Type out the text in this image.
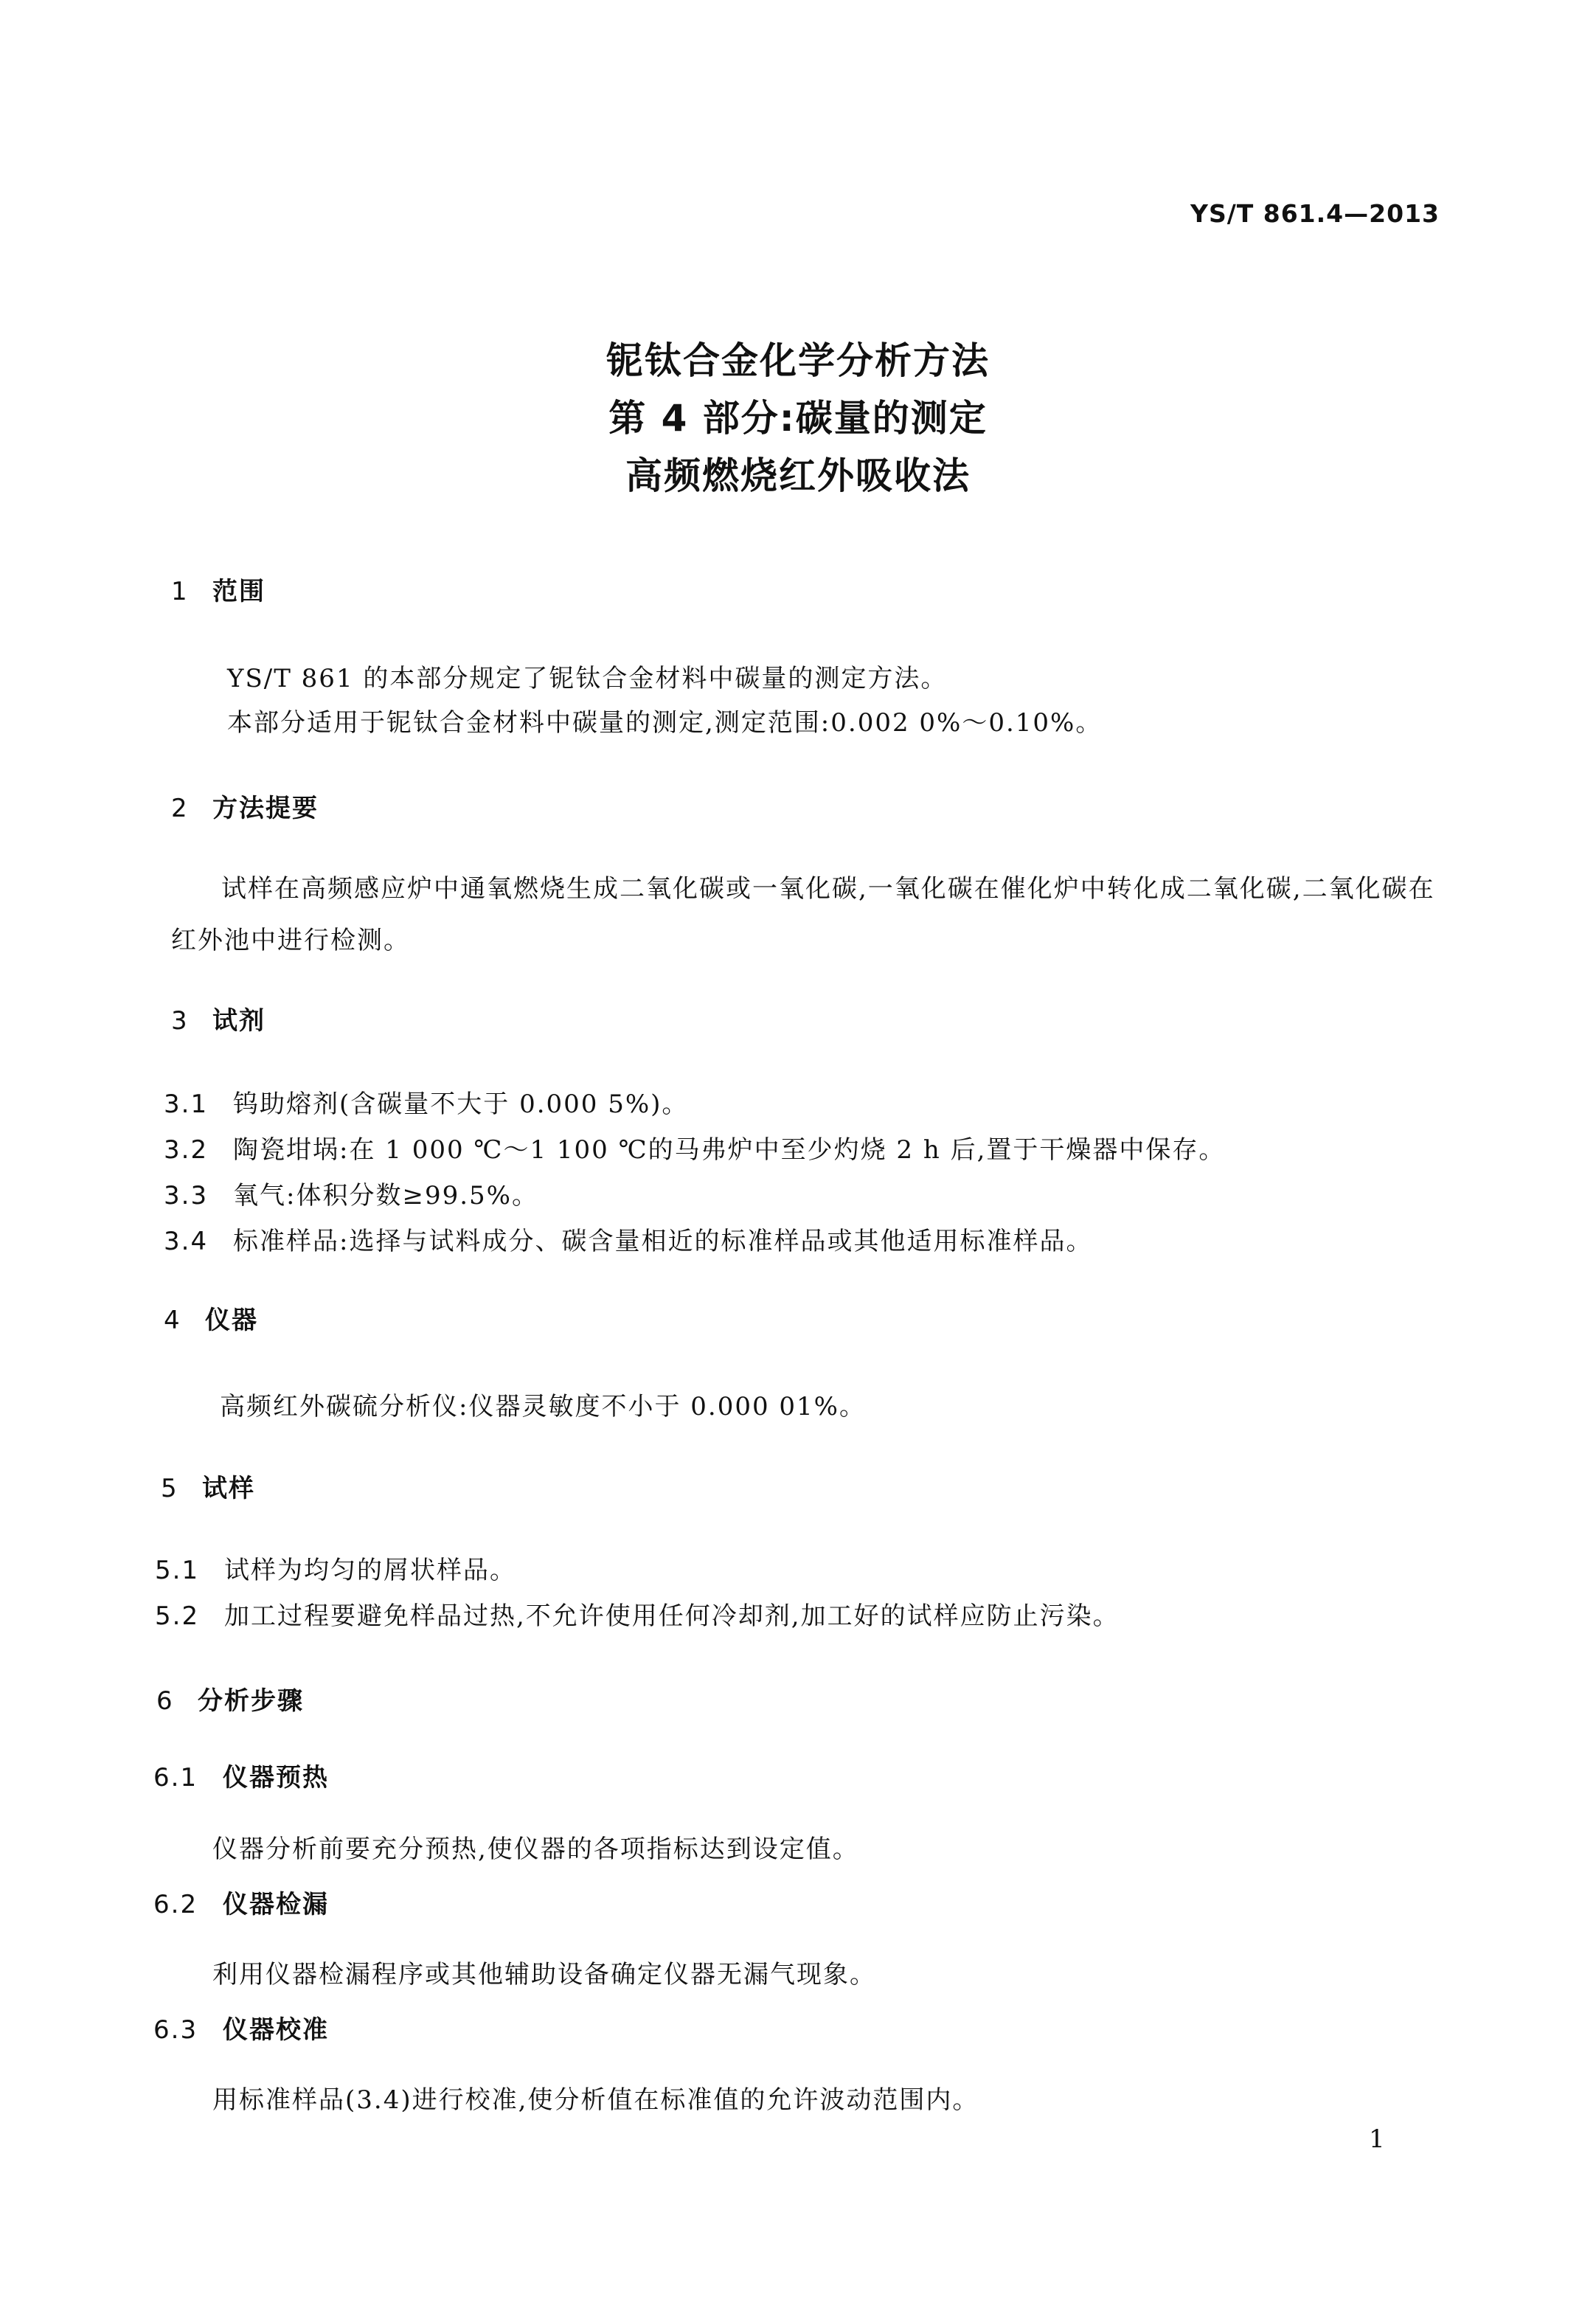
YS/T 861.4—2013
铌钛合金化学分析方法
第 4 部分:碳量的测定
高频燃烧红外吸收法
1 范围
YS/T 861 的本部分规定了铌钛合金材料中碳量的测定方法。
本部分适用于铌钛合金材料中碳量的测定,测定范围:0.002 0%～0.10%。
2 方法提要
试样在高频感应炉中通氧燃烧生成二氧化碳或一氧化碳,一氧化碳在催化炉中转化成二氧化碳,二氧化碳在红外池中进行检测。
3 试剂
3.1 钨助熔剂(含碳量不大于 0.000 5%)。
3.2 陶瓷坩埚:在 1 000 ℃～1 100 ℃的马弗炉中至少灼烧 2 h 后,置于干燥器中保存。
3.3 氧气:体积分数≥99.5%。
3.4 标准样品:选择与试料成分、碳含量相近的标准样品或其他适用标准样品。
4 仪器
高频红外碳硫分析仪:仪器灵敏度不小于 0.000 01%。
5 试样
5.1 试样为均匀的屑状样品。
5.2 加工过程要避免样品过热,不允许使用任何冷却剂,加工好的试样应防止污染。
6 分析步骤
6.1 仪器预热
仪器分析前要充分预热,使仪器的各项指标达到设定值。
6.2 仪器检漏
利用仪器检漏程序或其他辅助设备确定仪器无漏气现象。
6.3 仪器校准
用标准样品(3.4)进行校准,使分析值在标准值的允许波动范围内。
1
